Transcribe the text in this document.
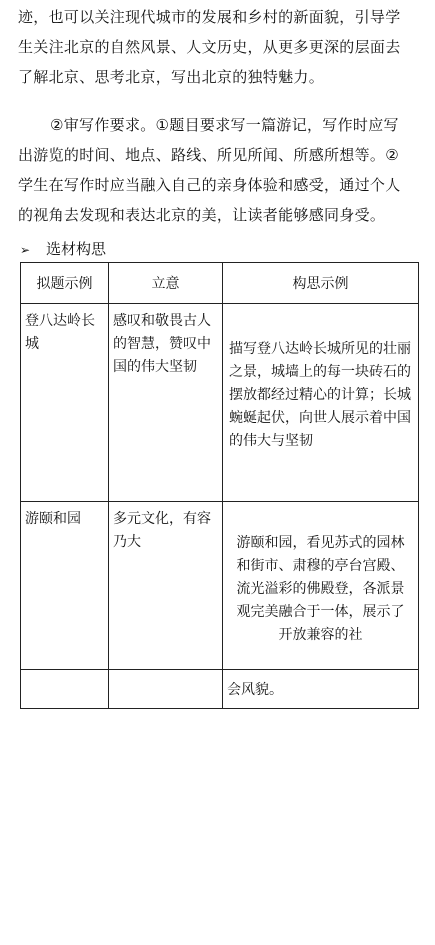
迹，也可以关注现代城市的发展和乡村的新面貌，引导学
生关注北京的自然风景、人文历史，从更多更深的层面去
了解北京、思考北京，写出北京的独特魅力。
②审写作要求。①题目要求写一篇游记，写作时应写
出游览的时间、地点、路线、所见所闻、所感所想等。②
学生在写作时应当融入自己的亲身体验和感受，通过个人
的视角去发现和表达北京的美，让读者能够感同身受。
➢ 选材构思
拟题示例	立意	构思示例

登八达岭长城	感叹和敬畏古人的智慧，赞叹中国的伟大坚韧	描写登八达岭长城所见的壮丽之景，城墙上的每一块砖石的摆放都经过精心的计算；长城蜿蜒起伏，向世人展示着中国的伟大与坚韧

游颐和园	多元文化，有容乃大	游颐和园，看见苏式的园林和街市、肃穆的亭台宫殿、流光溢彩的佛殿登，各派景观完美融合于一体，展示了开放兼容的社

		会风貌。
